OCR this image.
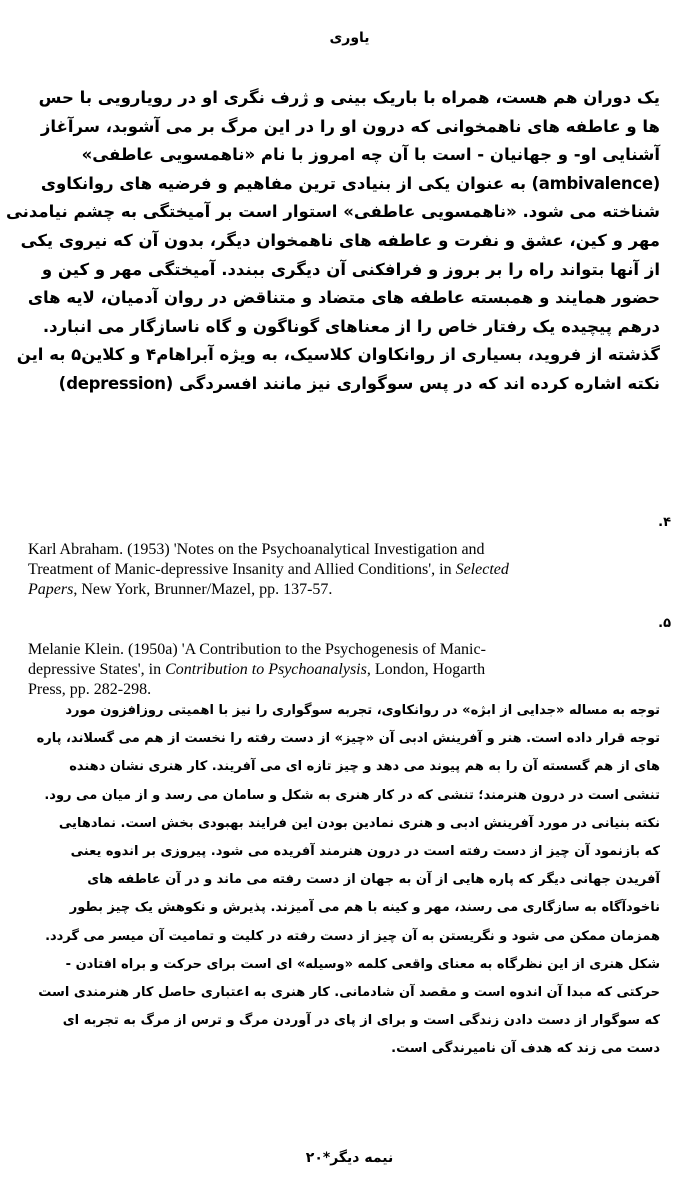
یاوری
یک دوران هم هست، همراه با باریک بینی و ژرف نگری او در رویارویی با حس
ها و عاطفه های ناهمخوانی که درون او را در این مرگ بر می آشوبد، سرآغاز
آشنایی او- و جهانیان - است با آن چه امروز با نام «ناهمسویی عاطفی»
(ambivalence) به عنوان یکی از بنیادی ترین مفاهیم و فرضیه های روانکاوی
شناخته می شود. «ناهمسویی عاطفی» استوار است بر آمیختگی به چشم نیامدنی
مهر و کین، عشق و نفرت و عاطفه های ناهمخوان دیگر، بدون آن که نیروی یکی
از آنها بتواند راه را بر بروز و فرافکنی آن دیگری ببندد. آمیختگی مهر و کین و
حضور همایند و همبسته عاطفه های متضاد و متناقض در روان آدمیان، لایه های
درهم پیچیده یک رفتار خاص را از معناهای گوناگون و گاه ناسازگار می انبارد.
گذشته از فروید، بسیاری از روانکاوان کلاسیک، به ویژه آبراهام۴ و کلاین۵ به این
نکته اشاره کرده اند که در پس سوگواری نیز مانند افسردگی (depression)
۴.
Karl Abraham. (1953) 'Notes on the Psychoanalytical Investigation and
Treatment of Manic-depressive Insanity and Allied Conditions', in Selected
Papers, New York, Brunner/Mazel, pp. 137-57.
۵.
Melanie Klein. (1950a) 'A Contribution to the Psychogenesis of Manic-
depressive States', in Contribution to Psychoanalysis, London, Hogarth
Press, pp. 282-298.
توجه به مساله «جدایی از ابژه» در روانکاوی، تجربه سوگواری را نیز با اهمیتی روزافزون مورد
توجه قرار داده است. هنر و آفرینش ادبی آن «چیز» از دست رفته را نخست از هم می گسلاند، پاره
های از هم گسسته آن را به هم پیوند می دهد و چیز تازه ای می آفریند. کار هنری نشان دهنده
تنشی است در درون هنرمند؛ تنشی که در کار هنری به شکل و سامان می رسد و از میان می رود.
نکته بنیانی در مورد آفرینش ادبی و هنری نمادین بودن این فرایند بهبودی بخش است. نمادهایی
که بازنمود آن چیز از دست رفته است در درون هنرمند آفریده می شود. پیروزی بر اندوه یعنی
آفریدن جهانی دیگر که پاره هایی از آن به جهان از دست رفته می ماند و در آن عاطفه های
ناخودآگاه به سازگاری می رسند، مهر و کینه با هم می آمیزند. پذیرش و نکوهش یک چیز بطور
همزمان ممکن می شود و نگریستن به آن چیز از دست رفته در کلیت و تمامیت آن میسر می گردد.
شکل هنری از این نظرگاه به معنای واقعی کلمه «وسیله» ای است برای حرکت و براه افتادن -
حرکتی که مبدا آن اندوه است و مقصد آن شادمانی. کار هنری به اعتباری حاصل کار هنرمندی است
که سوگوار از دست دادن زندگی است و برای از پای در آوردن مرگ و ترس از مرگ به تجربه ای
دست می زند که هدف آن نامیرندگی است.
نیمه دیگر*۲۰
